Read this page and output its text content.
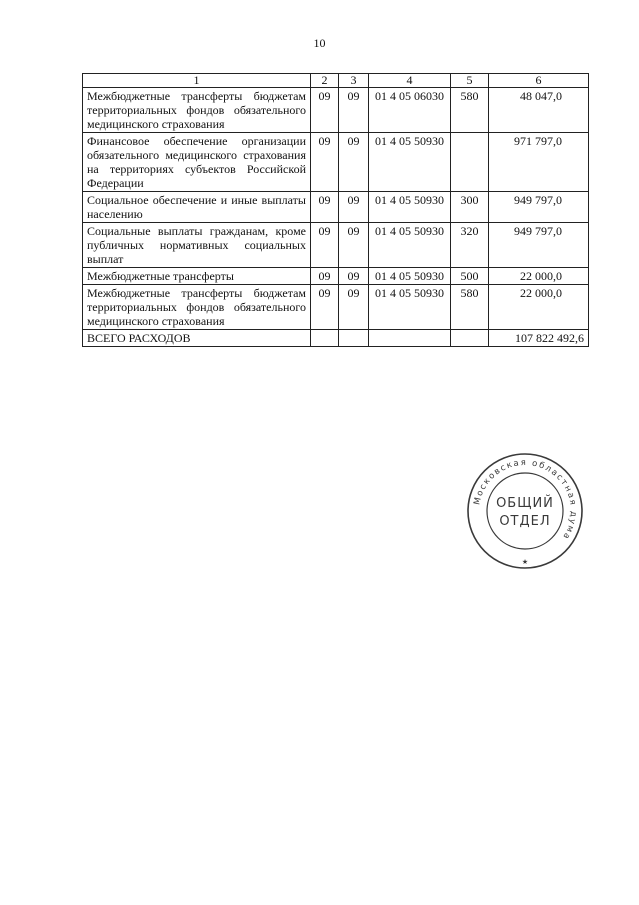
10
1	2	3	4	5	6
Межбюджетные трансферты бюджетам территориальных фондов обязательного медицинского страхования	09	09	01 4 05 06030	580	48 047,0
Финансовое обеспечение организации обязательного медицинского страхования на территориях субъектов Российской Федерации	09	09	01 4 05 50930		971 797,0
Социальное обеспечение и иные выплаты населению	09	09	01 4 05 50930	300	949 797,0
Социальные выплаты гражданам, кроме публичных нормативных социальных выплат	09	09	01 4 05 50930	320	949 797,0
Межбюджетные трансферты	09	09	01 4 05 50930	500	22 000,0
Межбюджетные трансферты бюджетам территориальных фондов обязательного медицинского страхования	09	09	01 4 05 50930	580	22 000,0
ВСЕГО РАСХОДОВ					107 822 492,6
Московская областная дума
★
ОБЩИЙ
ОТДЕЛ
